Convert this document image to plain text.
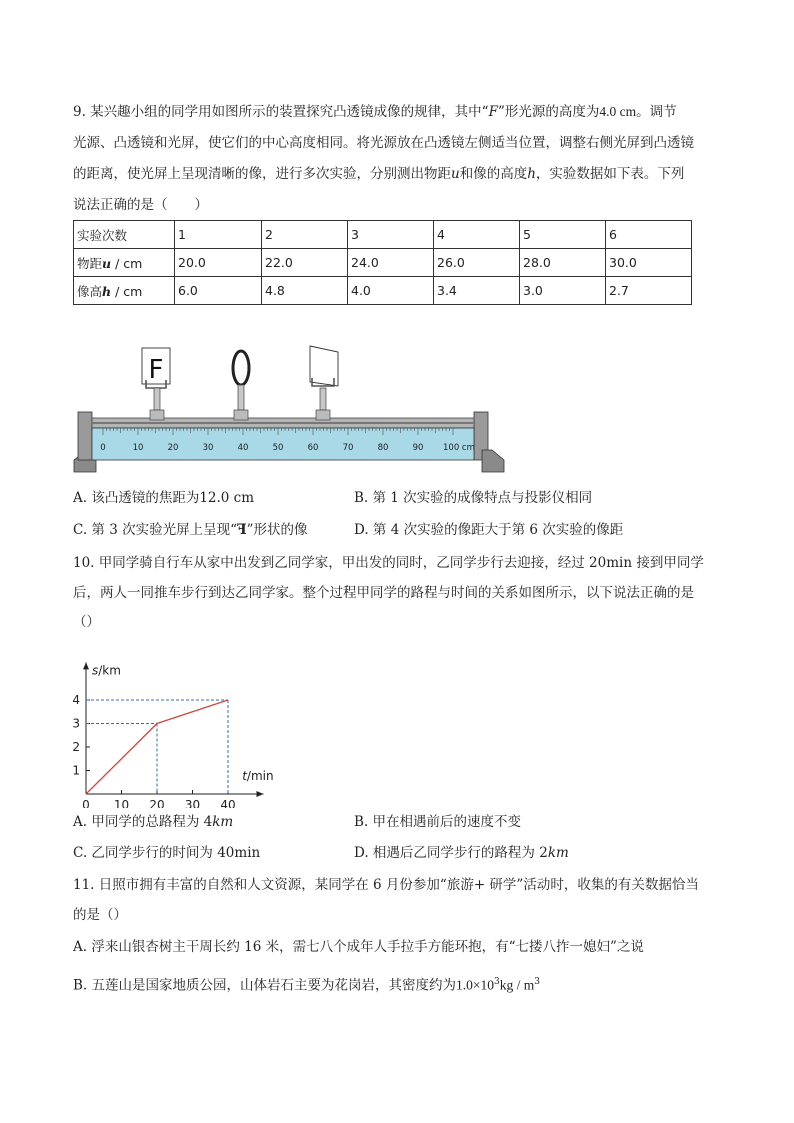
9. 某兴趣小组的同学用如图所示的装置探究凸透镜成像的规律，其中“F”形光源的高度为4.0 cm。调节
光源、凸透镜和光屏，使它们的中心高度相同。将光源放在凸透镜左侧适当位置，调整右侧光屏到凸透镜
的距离，使光屏上呈现清晰的像，进行多次实验，分别测出物距u和像的高度h，实验数据如下表。下列
说法正确的是（　　）
实验次数	1	2	3	4	5	6
物距u / cm	20.0	22.0	24.0	26.0	28.0	30.0
像高h / cm	6.0	4.8	4.0	3.4	3.0	2.7
0	10	20	30	40	50	60	70	80	90 100 cm
F
A. 该凸透镜的焦距为12.0 cm	B. 第 1 次实验的成像特点与投影仪相同
C. 第 3 次实验光屏上呈现“ꟻ”形状的像	D. 第 4 次实验的像距大于第 6 次实验的像距
10. 甲同学骑自行车从家中出发到乙同学家，甲出发的同时，乙同学步行去迎接，经过 20min 接到甲同学
后，两人一同推车步行到达乙同学家。整个过程甲同学的路程与时间的关系如图所示，以下说法正确的是
（）
0 10 20 30 40
1
2
3
4
s/km
t/min
A. 甲同学的总路程为 4km	B. 甲在相遇前后的速度不变
C. 乙同学步行的时间为 40min	D. 相遇后乙同学步行的路程为 2km
11. 日照市拥有丰富的自然和人文资源，某同学在 6 月份参加“旅游+ 研学”活动时，收集的有关数据恰当
的是（）
A. 浮来山银杏树主干周长约 16 米，需七八个成年人手拉手方能环抱，有“七搂八拃一媳妇”之说
B. 五莲山是国家地质公园，山体岩石主要为花岗岩，其密度约为$1.0\times 10^3kg / m^3$
